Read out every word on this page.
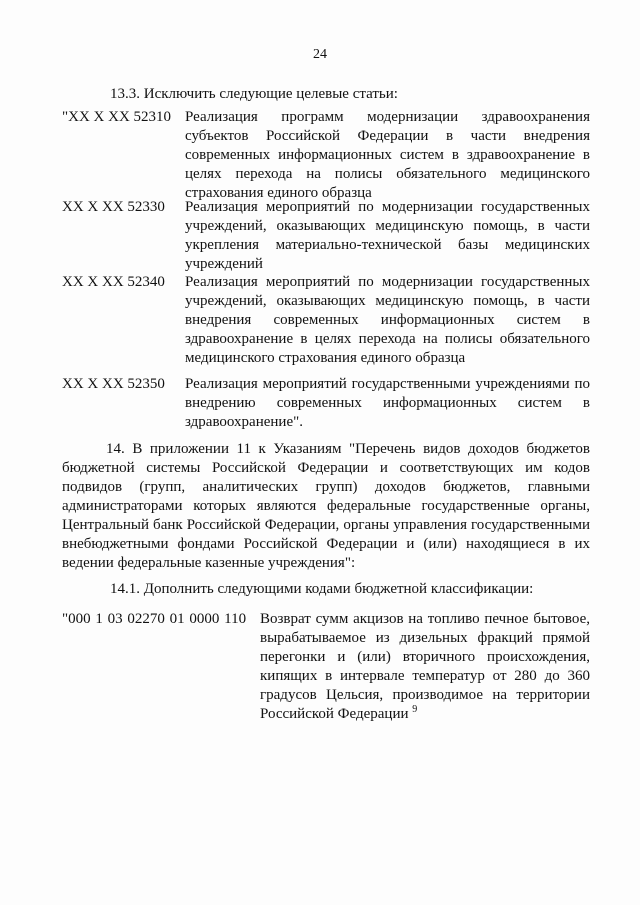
24
13.3. Исключить следующие целевые статьи:
"ХХ Х ХХ 52310 Реализация программ модернизации здравоохранения субъектов Российской Федерации в части внедрения современных информационных систем в здравоохранение в целях перехода на полисы обязательного медицинского страхования единого образца
ХХ Х ХХ 52330 Реализация мероприятий по модернизации государственных учреждений, оказывающих медицинскую помощь, в части укрепления материально-технической базы медицинских учреждений
ХХ Х ХХ 52340 Реализация мероприятий по модернизации государственных учреждений, оказывающих медицинскую помощь, в части внедрения современных информационных систем в здравоохранение в целях перехода на полисы обязательного медицинского страхования единого образца
ХХ Х ХХ 52350 Реализация мероприятий государственными учреждениями по внедрению современных информационных систем в здравоохранение".
14. В приложении 11 к Указаниям "Перечень видов доходов бюджетов бюджетной системы Российской Федерации и соответствующих им кодов подвидов (групп, аналитических групп) доходов бюджетов, главными администраторами которых являются федеральные государственные органы, Центральный банк Российской Федерации, органы управления государственными внебюджетными фондами Российской Федерации и (или) находящиеся в их ведении федеральные казенные учреждения":
14.1. Дополнить следующими кодами бюджетной классификации:
"000 1 03 02270 01 0000 110 Возврат сумм акцизов на топливо печное бытовое, вырабатываемое из дизельных фракций прямой перегонки и (или) вторичного происхождения, кипящих в интервале температур от 280 до 360 градусов Цельсия, производимое на территории Российской Федерации $^9$
